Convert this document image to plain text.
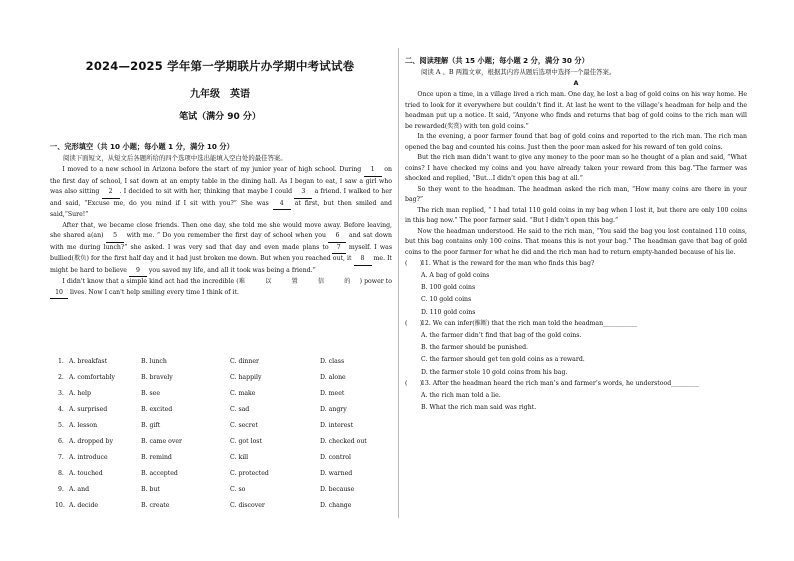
2024—2025 学年第一学期联片办学期中考试试卷
九年级　英语
笔试（满分 90 分）
一、完形填空（共 10 小题；每小题 1 分，满分 10 分）
阅读下面短文，从短文后各题所给的四个选项中选出能填入空白处的最佳答案。

I moved to a new school in Arizona before the start of my junior year of high school. During 1 on the first day of school, I sat down at an empty table in the dining hall. As I began to eat, I saw a girl who was also sitting 2 . I decided to sit with her, thinking that maybe I could 3 a friend. I walked to her and said, “Excuse me, do you mind if I sit with you?” She was 4 at first, but then smiled and said,“Sure!”

After that, we became close friends. Then one day, she told me she would move away. Before leaving, she shared a(an) 5 with me. “ Do you remember the first day of school when you 6 and sat down with me during lunch?” she asked. I was very sad that day and even made plans to 7 myself. I was bullied(欺负) for the first half day and it had just broken me down. But when you reached out, it 8 me. It might be hard to believe 9 you saved my life, and all it took was being a friend.”

I didn't know that a simple kind act had the incredible (难 以 置 信 的) power to 10 lives. Now I can't help smiling every time I think of it.

1. A. breakfast	B. lunch	C. dinner	D. class
2. A. comfortably	B. bravely	C. happily	D. alone
3. A. help	B. see	C. make	D. meet
4. A. surprised	B. excited	C. sad	D. angry
5. A. lesson	B. gift	C. secret	D. interest
6. A. dropped by	B. came over	C. got lost	D. checked out
7. A. introduce	B. remind	C. kill	D. control
8. A. touched	B. accepted	C. protected	D. warned
9. A. and	B. but	C. so	D. because
10. A. decide	B. create	C. discover	D. change
二、阅读理解（共 15 小题；每小题 2 分，满分 30 分）
阅读 A 、B 两篇文章，根据其内容从题后选项中选择一个最佳答案。
A

Once upon a time, in a village lived a rich man. One day, he lost a bag of gold coins on his way home. He tried to look for it everywhere but couldn’t find it. At last he went to the village’s headman for help and the headman put up a notice. It said, “Anyone who finds and returns that bag of gold coins to the rich man will be rewarded(奖赏) with ten gold coins.”

In the evening, a poor farmer found that bag of gold coins and reported to the rich man. The rich man opened the bag and counted his coins. Just then the poor man asked for his reward of ten gold coins.

But the rich man didn’t want to give any money to the poor man so he thought of a plan and said, “What coins? I have checked my coins and you have already taken your reward from this bag.”The farmer was shocked and replied, “But…I didn’t open this bag at all.”

So they went to the headman. The headman asked the rich man, “How many coins are there in your bag?”

The rich man replied, “ I had total 110 gold coins in my bag when I lost it, but there are only 100 coins in this bag now.” The poor farmer said. “But I didn’t open this bag.”

Now the headman understood. He said to the rich man, “You said the bag you lost contained 110 coins, but this bag contains only 100 coins. That means this is not your bag.” The headman gave that bag of gold coins to the poor farmer for what he did and the rich man had to return empty-handed because of his lie.

(　　)11. What is the reward for the man who finds this bag?
A. A bag of gold coins
B. 100 gold coins
C. 10 gold coins
D. 110 gold coins
(　　)12. We can infer(推断) that the rich man told the headman___________
A. the farmer didn’t find that bag of the gold coins.
B. the farmer should be punished.
C. the farmer should get ten gold coins as a reward.
D. the farmer stole 10 gold coins from his bag.
(　　)13. After the headman heard the rich man’s and farmer’s words, he understood_________
A. the rich man told a lie.
B. What the rich man said was right.
